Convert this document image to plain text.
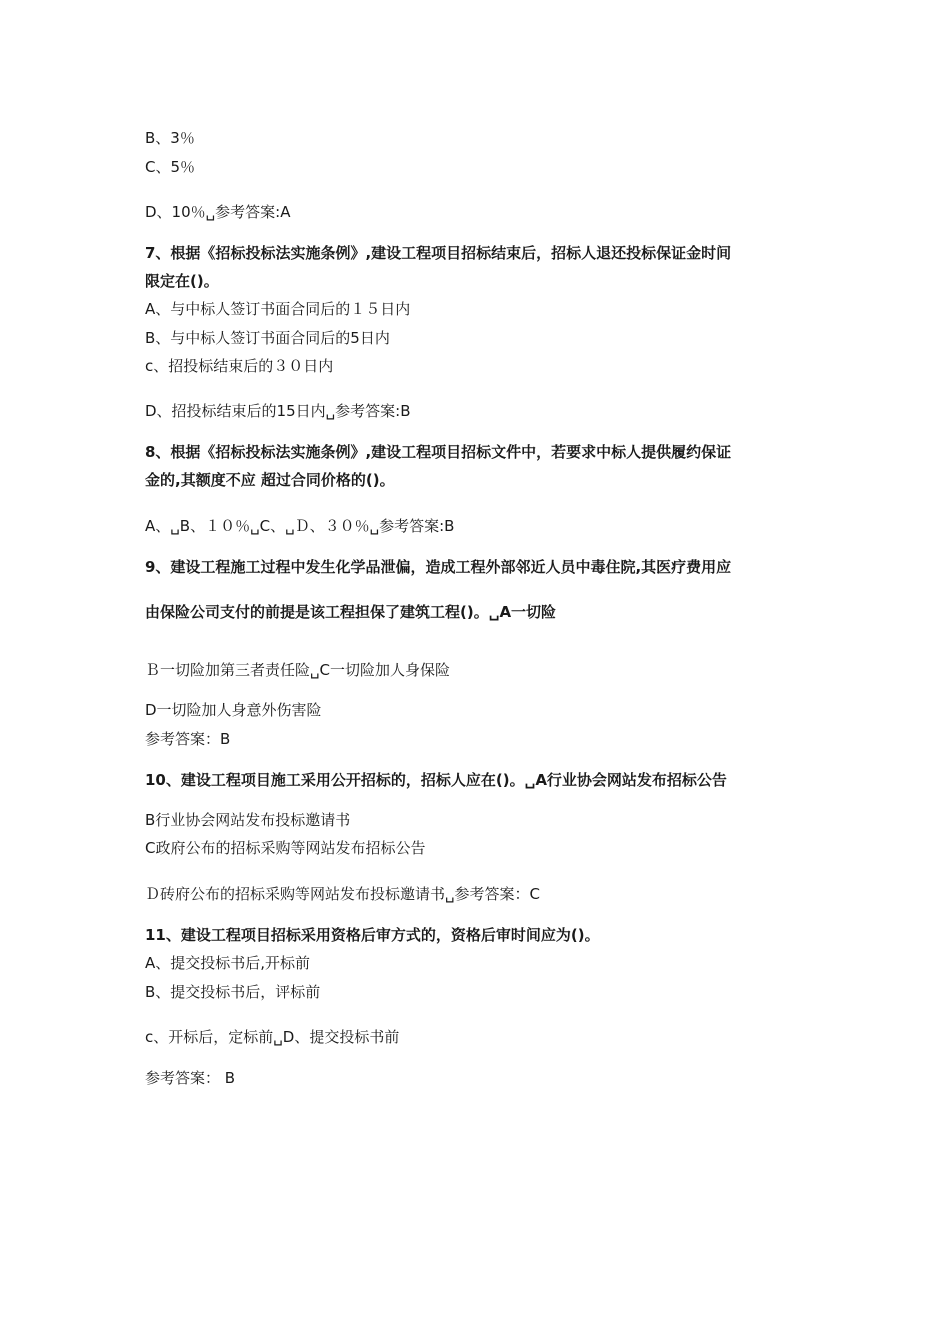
B、3％
C、5％
D、10％␣参考答案:A
7、根据《招标投标法实施条例》,建设工程项目招标结束后，招标人退还投标保证金时间
限定在()。
A、与中标人签订书面合同后的１５日内
B、与中标人签订书面合同后的5日内
c、招投标结束后的３０日内
D、招投标结束后的15日内␣参考答案:B
8、根据《招标投标法实施条例》,建设工程项目招标文件中，若要求中标人提供履约保证
金的,其额度不应 超过合同价格的()。
A、␣B、１０％␣C、␣Ｄ、３０％␣参考答案:B
9、建设工程施工过程中发生化学品泄偏，造成工程外部邻近人员中毒住院,其医疗费用应
由保险公司支付的前提是该工程担保了建筑工程()。␣A一切险
Ｂ一切险加第三者责任险␣C一切险加人身保险
D一切险加人身意外伤害险
参考答案：B
10、建设工程项目施工采用公开招标的，招标人应在()。␣A行业协会网站发布招标公告
B行业协会网站发布投标邀请书
C政府公布的招标采购等网站发布招标公告
Ｄ砖府公布的招标采购等网站发布投标邀请书␣参考答案：C
11、建设工程项目招标采用资格后审方式的，资格后审时间应为()。
A、提交投标书后,开标前
B、提交投标书后，评标前
c、开标后，定标前␣D、提交投标书前
参考答案： B
